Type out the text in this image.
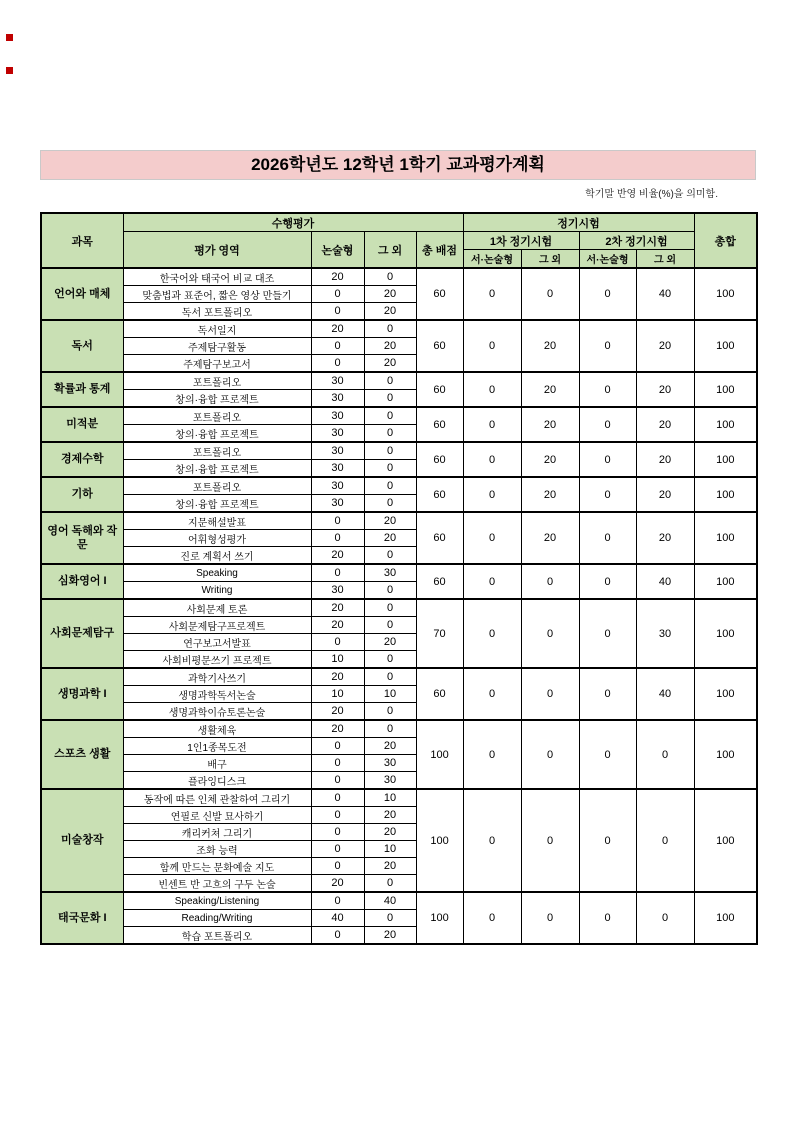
2026학년도 12학년 1학기 교과평가계획
학기말 반영 비율(%)을 의미함.
과목	수행평가				정기시험				총합
	평가 영역	논술형	그 외	총 배점	1차 정기시험		2차 정기시험		
					서·논술형	그 외	서·논술형	그 외	
언어와 매체	한국어와 태국어 비교 대조	20	0	60	0	0	0	40	100
	맞춤법과 표준어, 짧은 영상 만들기	0	20						
	독서 포트폴리오	0	20						
독서	독서일지	20	0	60	0	20	0	20	100
	주제탐구활동	0	20						
	주제탐구보고서	0	20						
확률과 통계	포트폴리오	30	0	60	0	20	0	20	100
	창의·융합 프로젝트	30	0						
미적분	포트폴리오	30	0	60	0	20	0	20	100
	창의·융합 프로젝트	30	0						
경제수학	포트폴리오	30	0	60	0	20	0	20	100
	창의·융합 프로젝트	30	0						
기하	포트폴리오	30	0	60	0	20	0	20	100
	창의·융합 프로젝트	30	0						
영어 독해와 작문	지문해설발표	0	20	60	0	20	0	20	100
	어휘형성평가	0	20						
	진로 계획서 쓰기	20	0						
심화영어 I	Speaking	0	30	60	0	0	0	40	100
	Writing	30	0						
사회문제탐구	사회문제 토론	20	0	70	0	0	0	30	100
	사회문제탐구프로젝트	20	0						
	연구보고서발표	0	20						
	사회비평문쓰기 프로젝트	10	0						
생명과학 I	과학기사쓰기	20	0	60	0	0	0	40	100
	생명과학독서논술	10	10						
	생명과학이슈토론논술	20	0						
스포츠 생활	생활체육	20	0	100	0	0	0	0	100
	1인1종목도전	0	20						
	배구	0	30						
	플라잉디스크	0	30						
미술창작	동작에 따른 인체 관찰하여 그리기	0	10	100	0	0	0	0	100
	연필로 신발 묘사하기	0	20						
	캐리커쳐 그리기	0	20						
	조화 능력	0	10						
	함께 만드는 문화예술 지도	0	20						
	빈센트 반 고흐의 구두 논술	20	0						
태국문화 I	Speaking/Listening	0	40	100	0	0	0	0	100
	Reading/Writing	40	0						
	학습 포트폴리오	0	20						
